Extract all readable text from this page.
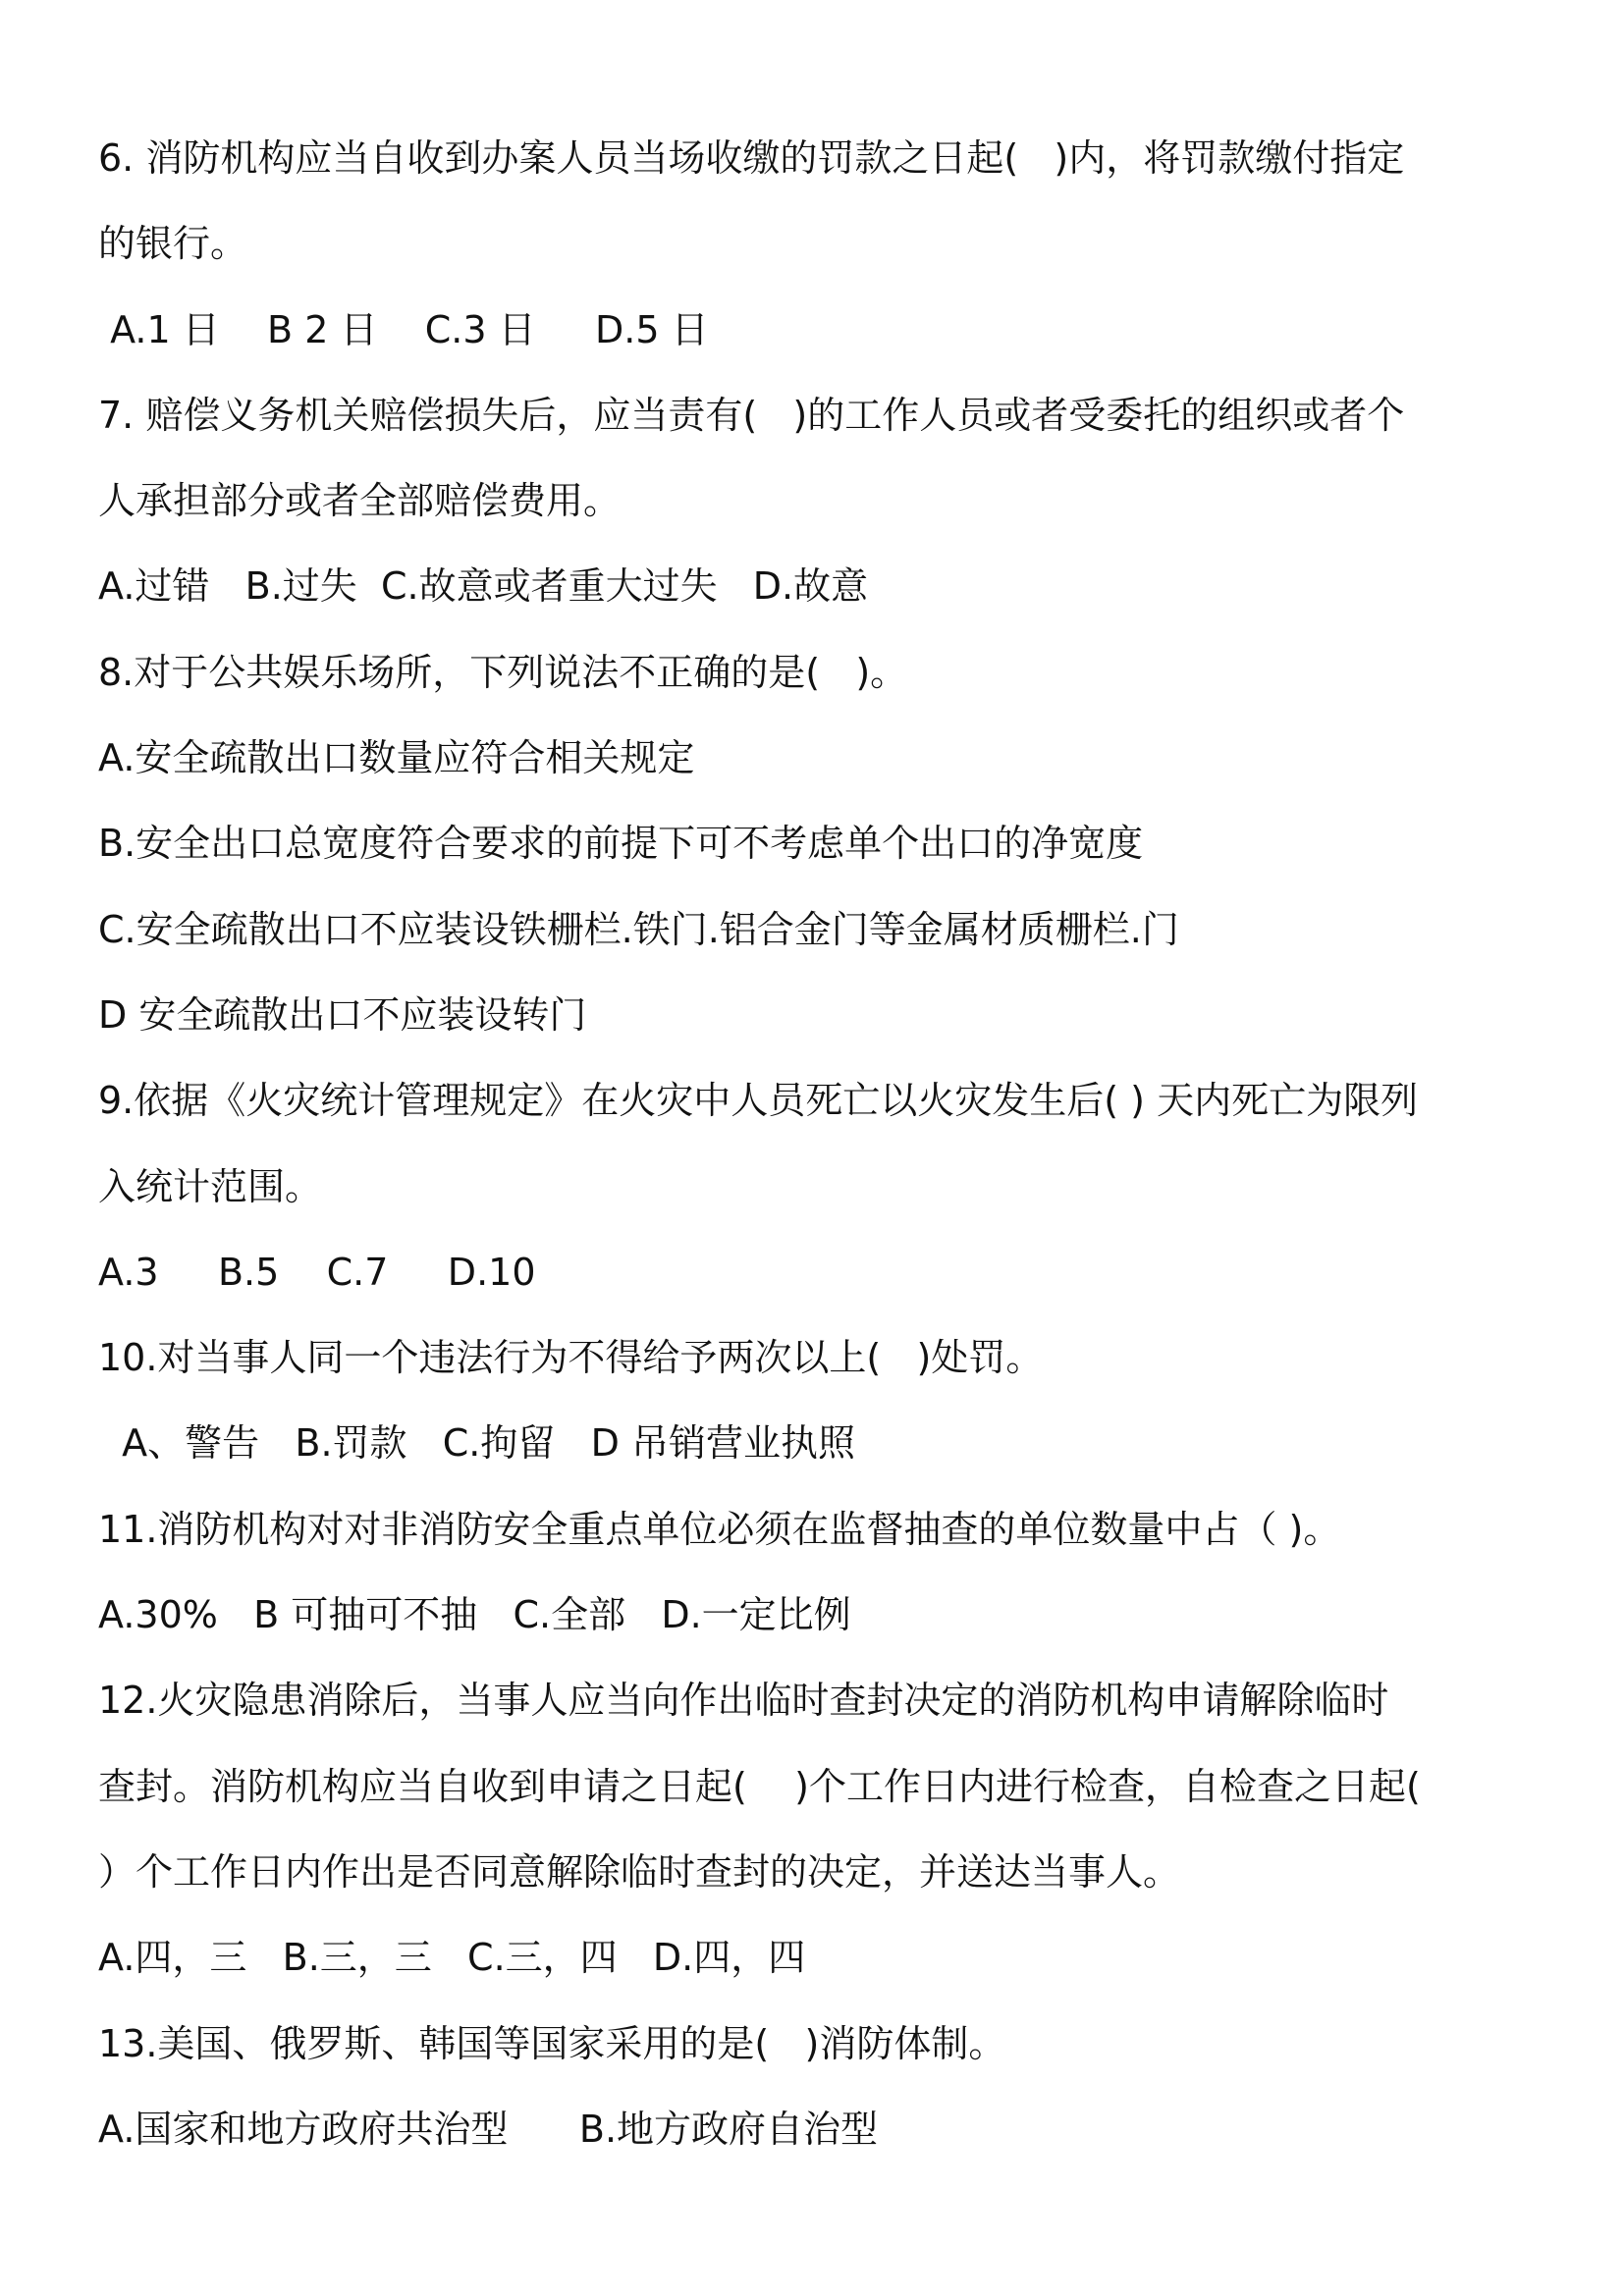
6. 消防机构应当自收到办案人员当场收缴的罚款之日起(   )内，将罚款缴付指定
的银行。
A.1 日    B 2 日    C.3 日     D.5 日
7. 赔偿义务机关赔偿损失后，应当责有(   )的工作人员或者受委托的组织或者个
人承担部分或者全部赔偿费用。
A.过错   B.过失  C.故意或者重大过失   D.故意
8.对于公共娱乐场所，下列说法不正确的是(   )。
A.安全疏散出口数量应符合相关规定
B.安全出口总宽度符合要求的前提下可不考虑单个出口的净宽度
C.安全疏散出口不应装设铁栅栏.铁门.铝合金门等金属材质栅栏.门
D 安全疏散出口不应装设转门
9.依据《火灾统计管理规定》在火灾中人员死亡以火灾发生后( ) 天内死亡为限列
入统计范围。
A.3     B.5    C.7     D.10
10.对当事人同一个违法行为不得给予两次以上(   )处罚。
A、警告   B.罚款   C.拘留   D 吊销营业执照
11.消防机构对对非消防安全重点单位必须在监督抽查的单位数量中占（ )。
A.30%   B 可抽可不抽   C.全部   D.一定比例
12.火灾隐患消除后，当事人应当向作出临时查封决定的消防机构申请解除临时
查封。消防机构应当自收到申请之日起(    )个工作日内进行检查，自检查之日起(
）个工作日内作出是否同意解除临时查封的决定，并送达当事人。
A.四，三   B.三，三   C.三，四   D.四，四
13.美国、俄罗斯、韩国等国家采用的是(   )消防体制。
A.国家和地方政府共治型      B.地方政府自治型
